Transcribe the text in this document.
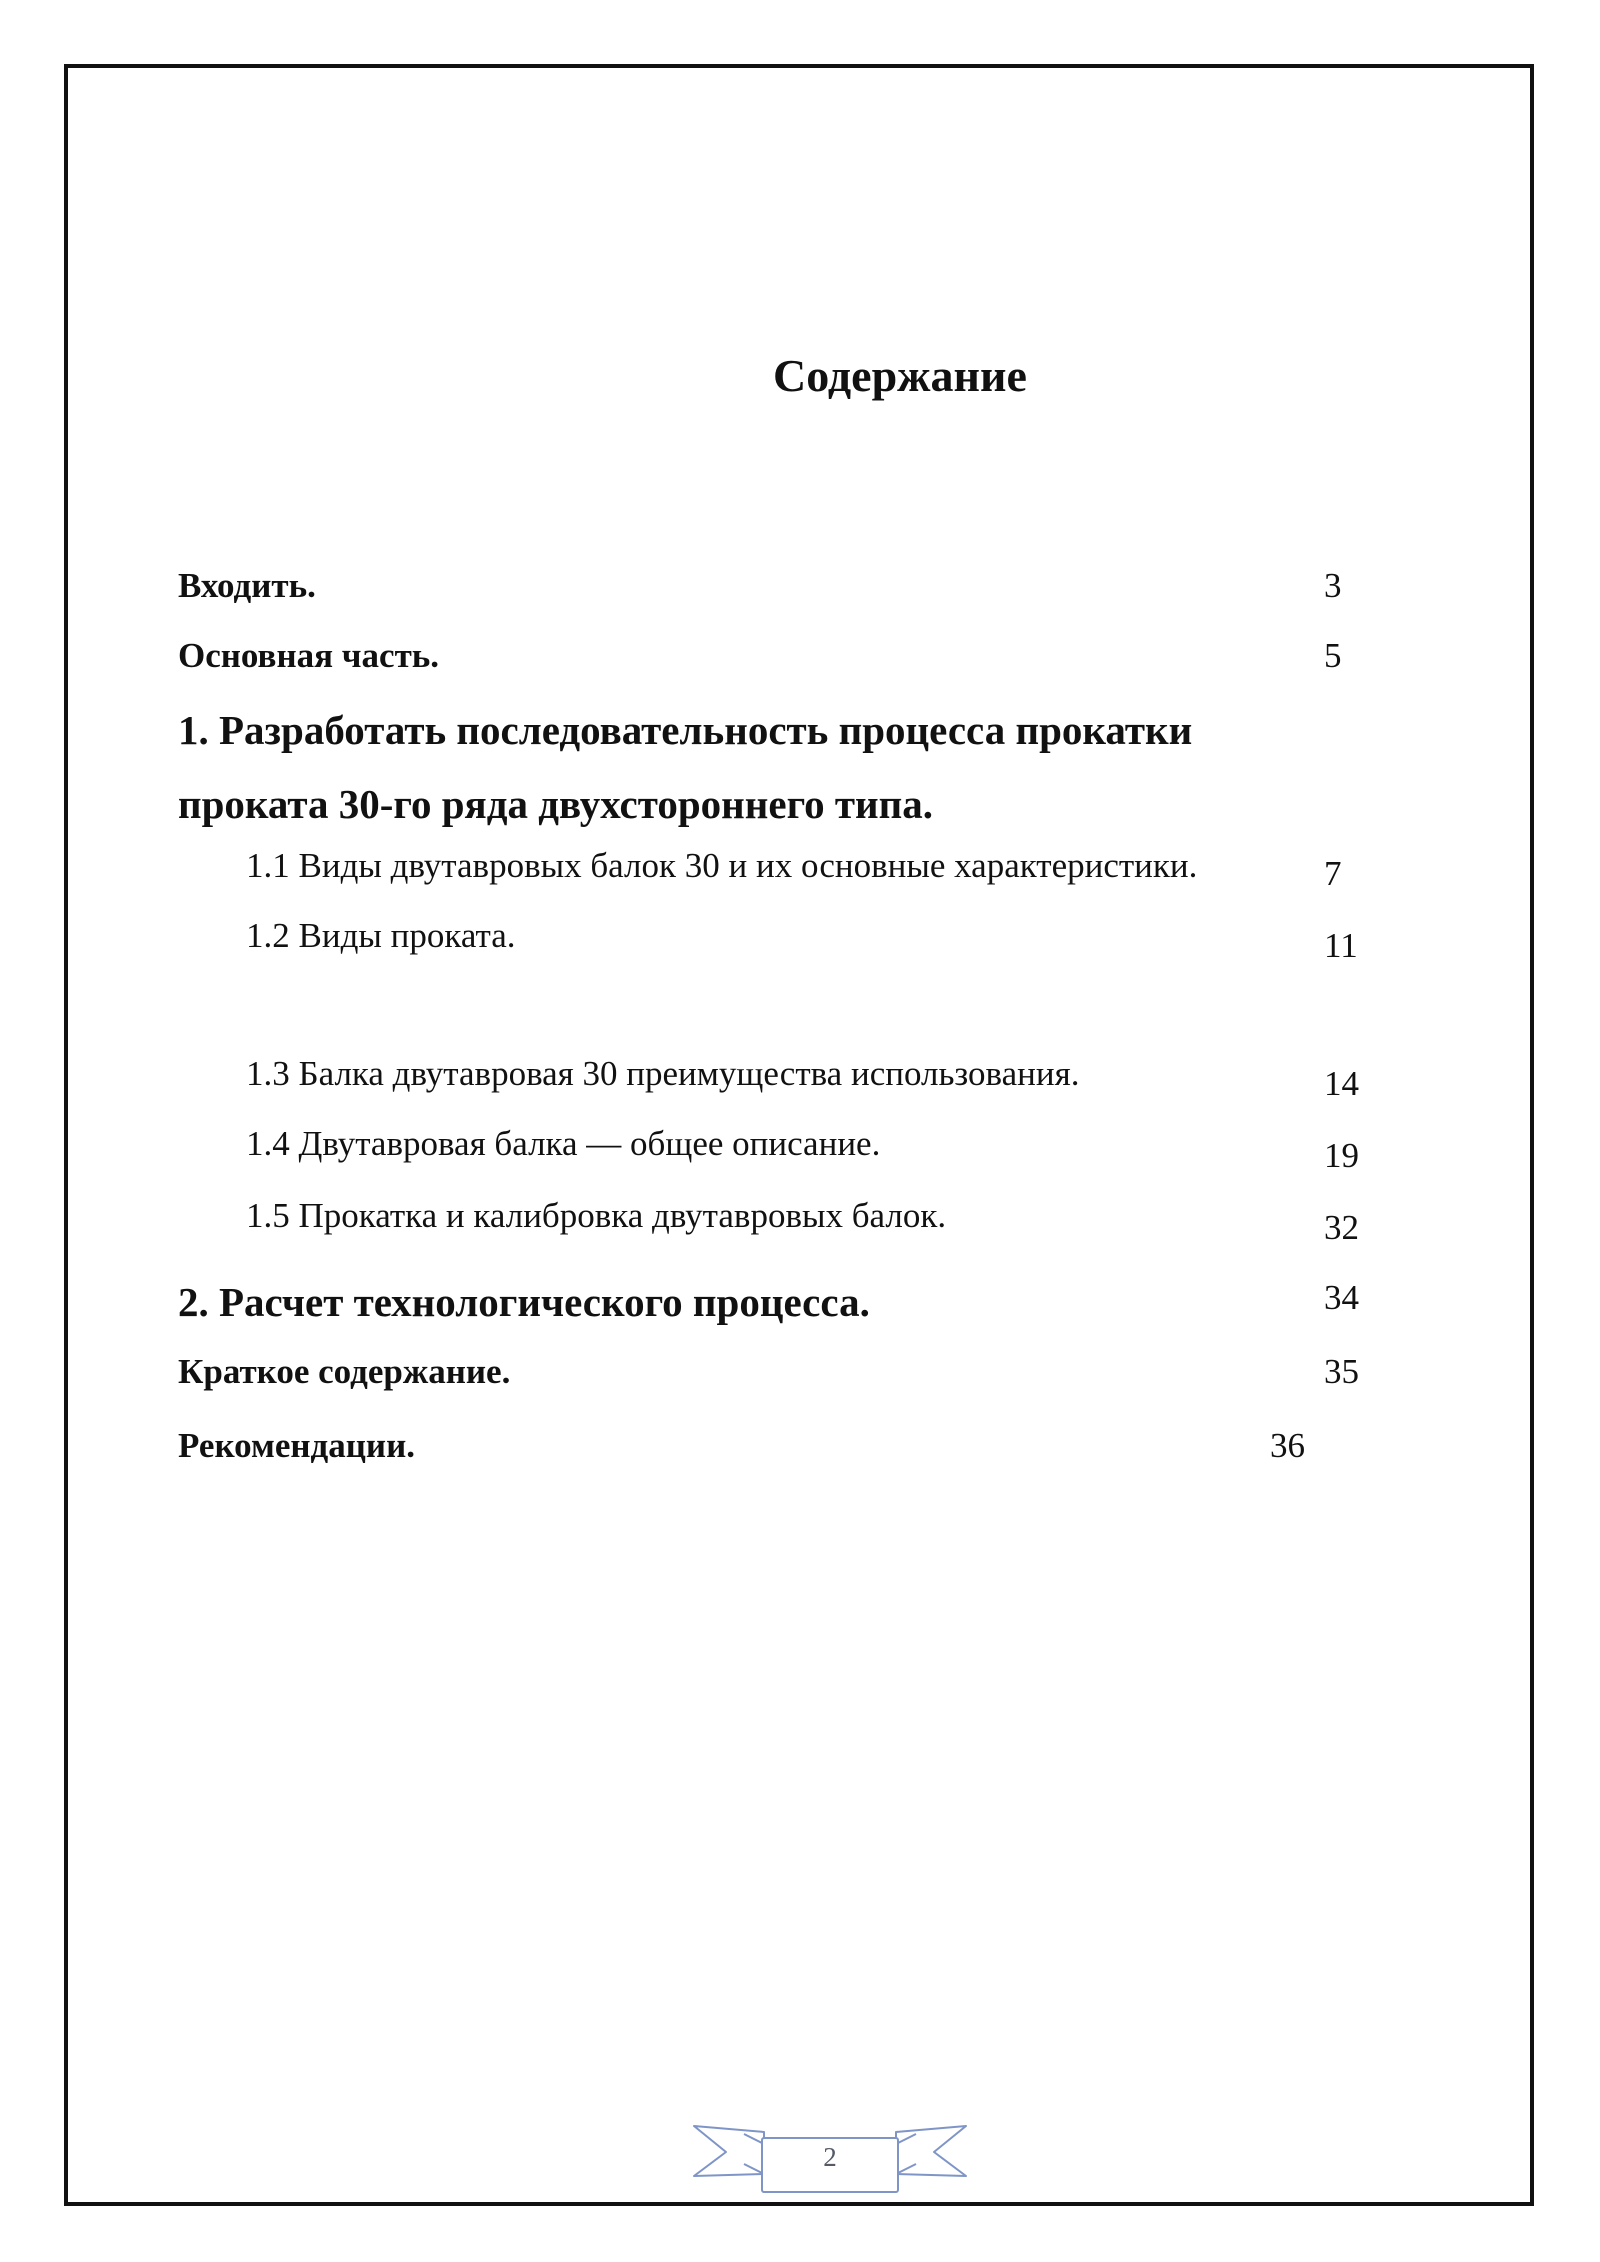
Содержание
Входить.	3
Основная часть.	5
1. Разработать последовательность процесса прокатки
проката 30-го ряда двухстороннего типа.
1.1 Виды двутавровых балок 30 и их основные характеристики.	7
1.2 Виды проката.	11
1.3 Балка двутавровая 30 преимущества использования.	14
1.4 Двутавровая балка — общее описание.	19
1.5 Прокатка и калибровка двутавровых балок.	32
2. Расчет технологического процесса.	34
Краткое содержание.	35
Рекомендации.	36
2
